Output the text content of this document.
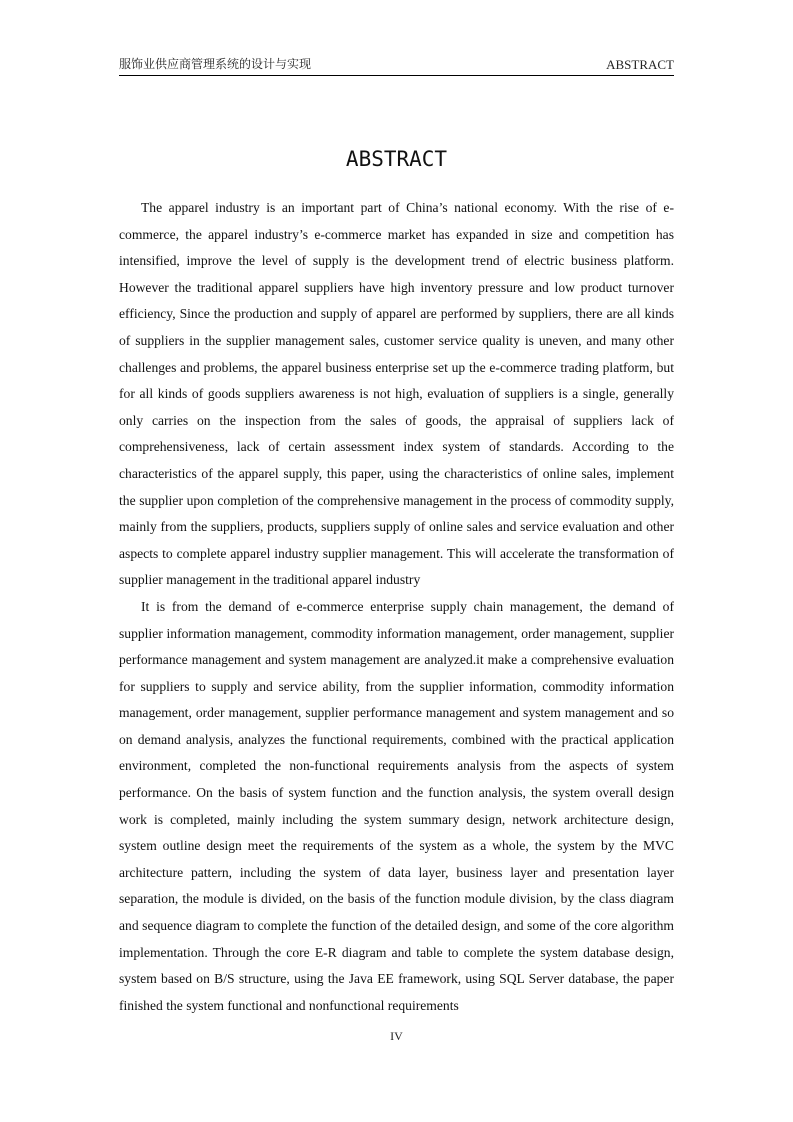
服饰业供应商管理系统的设计与实现	ABSTRACT
ABSTRACT

The apparel industry is an important part of China’s national economy. With the rise of e-commerce, the apparel industry’s e-commerce market has expanded in size and competition has intensified, improve the level of supply is the development trend of electric business platform. However the traditional apparel suppliers have high inventory pressure and low product turnover efficiency, Since the production and supply of apparel are performed by suppliers, there are all kinds of suppliers in the supplier management sales, customer service quality is uneven, and many other challenges and problems, the apparel business enterprise set up the e-commerce trading platform, but for all kinds of goods suppliers awareness is not high, evaluation of suppliers is a single, generally only carries on the inspection from the sales of goods, the appraisal of suppliers lack of comprehensiveness, lack of certain assessment index system of standards. According to the characteristics of the apparel supply, this paper, using the characteristics of online sales, implement the supplier upon completion of the comprehensive management in the process of commodity supply, mainly from the suppliers, products, suppliers supply of online sales and service evaluation and other aspects to complete apparel industry supplier management. This will accelerate the transformation of supplier management in the traditional apparel industry

It is from the demand of e-commerce enterprise supply chain management, the demand of supplier information management, commodity information management, order management, supplier performance management and system management are analyzed.it make a comprehensive evaluation for suppliers to supply and service ability, from the supplier information, commodity information management, order management, supplier performance management and system management and so on demand analysis, analyzes the functional requirements, combined with the practical application environment, completed the non-functional requirements analysis from the aspects of system performance. On the basis of system function and the function analysis, the system overall design work is completed, mainly including the system summary design, network architecture design, system outline design meet the requirements of the system as a whole, the system by the MVC architecture pattern, including the system of data layer, business layer and presentation layer separation, the module is divided, on the basis of the function module division, by the class diagram and sequence diagram to complete the function of the detailed design, and some of the core algorithm implementation. Through the core E-R diagram and table to complete the system database design, system based on B/S structure, using the Java EE framework, using SQL Server database, the paper finished the system functional and nonfunctional requirements

IV
